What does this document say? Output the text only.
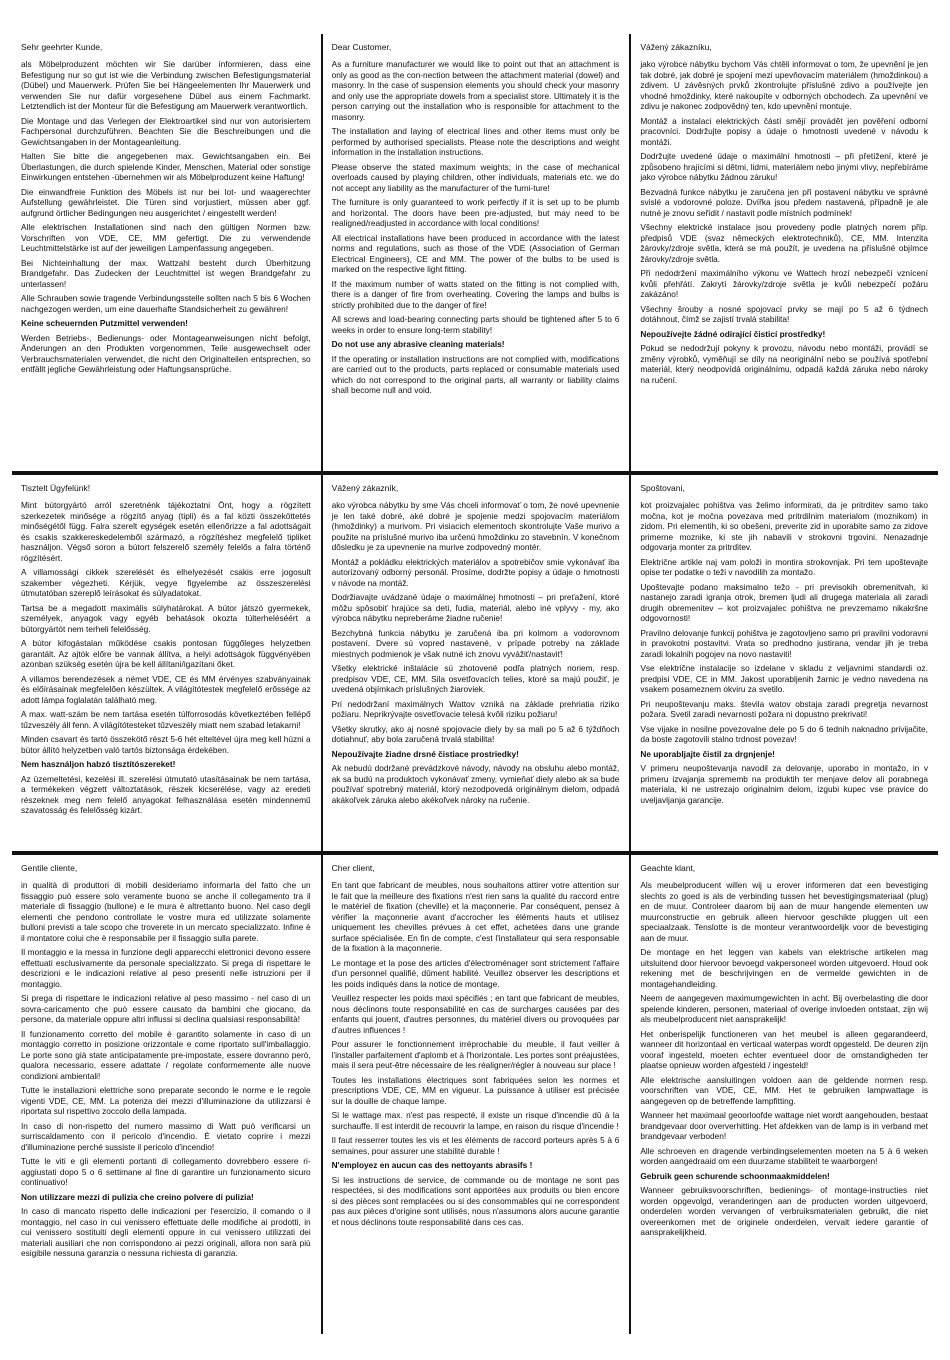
Sehr geehrter Kunde,
als Möbelproduzent möchten wir Sie darüber informieren, dass eine Befestigung nur so gut ist wie die Verbindung zwischen Befestigungsmaterial (Dübel) und Mauerwerk. Prüfen Sie bei Hängeelementen Ihr Mauerwerk und verwenden Sie nur dafür vorgesehene Dübel aus einem Fachmarkt. Letztendlich ist der Monteur für die Befestigung am Mauerwerk verantwortlich.
Die Montage und das Verlegen der Elektroartikel sind nur von autorisiertem Fachpersonal durchzuführen. Beachten Sie die Beschreibungen und die Gewichtsangaben in der Montageanleitung.
Halten Sie bitte die angegebenen max. Gewichtsangaben ein. Bei Überlastungen, die durch spielende Kinder, Menschen, Material oder sonstige Einwirkungen entstehen -übernehmen wir als Möbelproduzent keine Haftung!
Die einwandfreie Funktion des Möbels ist nur bei lot- und waagerechter Aufstellung gewährleistet. Die Türen sind vorjustiert, müssen aber ggf. aufgrund örtlicher Bedingungen neu ausgerichtet / eingestellt werden!
Alle elektrischen Installationen sind nach den gültigen Normen bzw. Vorschriften von VDE, CE, MM gefertigt. Die zu verwendende Leuchtmittelstärke ist auf der jeweiligen Lampenfassung angegeben.
Bei Nichteinhaltung der max. Wattzahl besteht durch Überhitzung Brandgefahr. Das Zudecken der Leuchtmittel ist wegen Brandgefahr zu unterlassen!
Alle Schrauben sowie tragende Verbindungsstelle sollten nach 5 bis 6 Wochen nachgezogen werden, um eine dauerhafte Standsicherheit zu gewähren!
Keine scheuernden Putzmittel verwenden!
Werden Betriebs-, Bedienungs- oder Montageanweisungen nicht befolgt, Änderungen an den Produkten vorgenommen, Teile ausgewechselt oder Verbrauchsmaterialen verwendet, die nicht den Originalteilen entsprechen, so entfällt jegliche Gewährleistung oder Haftungsansprüche.
Dear Customer,
As a furniture manufacturer we would like to point out that an attachment is only as good as the con-nection between the attachment material (dowel) and masonry. In the case of suspension elements you should check your masonry and only use the appropriate dowels from a specialist store. Ultimately it is the person carrying out the installation who is responsible for attachment to the masonry.
The installation and laying of electrical lines and other items must only be performed by authorised specialists. Please note the descriptions and weight information in the installation instructions.
Please observe the stated maximum weights; in the case of mechanical overloads caused by playing children, other individuals, materials etc. we do not accept any liability as the manufacturer of the furni-ture!
The furniture is only guaranteed to work perfectly if it is set up to be plumb and horizontal. The doors have been pre-adjusted, but may need to be realigned/readjusted in accordance with local conditions!
All electrical installations have been produced in accordance with the latest norms and regulations, such as those of the VDE (Association of German Electrical Engineers), CE and MM. The power of the bulbs to be used is marked on the respective light fitting.
If the maximum number of watts stated on the fitting is not complied with, there is a danger of fire from overheating. Covering the lamps and bulbs is strictly prohibited due to the danger of fire!
All screws and load-bearing connecting parts should be tightened after 5 to 6 weeks in order to ensure long-term stability!
Do not use any abrasive cleaning materials!
If the operating or installation instructions are not complied with, modifications are carried out to the products, parts replaced or consumable materials used which do not correspond to the original parts, all warranty or liability claims shall become null and void.
Vážený zákazníku,
jako výrobce nábytku bychom Vás chtěli informovat o tom, že upevnění je jen tak dobré, jak dobré je spojení mezi upevňovacím materiálem (hmoždinkou) a zdivem. U závěsných prvků zkontrolujte příslušné zdivo a používejte jen vhodné hmoždinky, které nakoupíte v odborných obchodech. Za upevnění ve zdivu je nakonec zodpovědný ten, kdo upevnění montuje.
Montáž a instalaci elektrických částí smějí provádět jen pověření odborní pracovníci. Dodržujte popisy a údaje o hmotnosti uvedené v návodu k montáži.
Dodržujte uvedené údaje o maximální hmotnosti – při přetížení, které je způsobeno hrajícími si dětmi, lidmi, materiálem nebo jinými vlivy, nepřebíráme jako výrobce nábytku žádnou záruku!
Bezvadná funkce nábytku je zaručena jen při postavení nábytku ve správné svislé a vodorovné poloze. Dvířka jsou předem nastavená, případně je ale nutné je znovu seřídit / nastavit podle místních podmínek!
Všechny elektrické instalace jsou provedeny podle platných norem příp. předpisů VDE (svaz německých elektrotechniků), CE, MM. Intenzita žárovky/zdroje světla, která se má použít, je uvedena na příslušné objímce žárovky/zdroje světla.
Při nedodržení maximálního výkonu ve Wattech hrozí nebezpečí vznícení kvůli přehřátí. Zakrytí žárovky/zdroje světla je kvůli nebezpečí požáru zakázáno!
Všechny šrouby a nosné spojovací prvky se mají po 5 až 6 týdnech dotáhnout, čímž se zajistí trvalá stabilita!
Nepoužívejte žádné odírající čisticí prostředky!
Pokud se nedodržují pokyny k provozu, návodu nebo montáži, provádí se změny výrobků, vyměňují se díly na neoriginální nebo se používá spotřební materiál, který neodpovídá originálnímu, odpadá každá záruka nebo nároky na ručení.
Tisztelt Ügyfelünk!
Mint bútorgyártó arról szeretnénk tájékoztatni Önt, hogy a rögzített szerkezetek minősége a rögzítő anyag (tipli) és a fal közti összeköttetés minőségétől függ. Falra szerelt egységek esetén ellenőrizze a fal adottságait és csakis szakkereskedelemből származó, a rögzítéshez megfelelő tipliket használjon. Végső soron a bútort felszerelő személy felelős a falra történő rögzítésért.
A villamossági cikkek szerelését és elhelyezését csakis erre jogosult szakember végezheti. Kérjük, vegye figyelembe az összeszerelési útmutatóban szereplő leírásokat és súlyadatokat.
Tartsa be a megadott maximális súlyhatárokat. A bútor játszó gyermekek, személyek, anyagok vagy egyéb behatások okozta túlterheléséért a bútorgyártót nem terheli felelősség.
A bútor kifogástalan működése csakis pontosan függőleges helyzetben garantált. Az ajtók előre be vannak állítva, a helyi adottságok függvényében azonban szükség esetén újra be kell állítani/igazítani őket.
A villamos berendezések a német VDE, CE és MM érvényes szabványainak és előírásainak megfelelően készültek. A világítótestek megfelelő erőssége az adott lámpa foglalatán található meg.
A max. watt-szám be nem tartása esetén túlforrosodás következtében fellépő tűzveszély áll fenn. A világítótesteket tűzveszély miatt nem szabad letakarni!
Minden csavart és tartó összekötő részt 5-6 hét elteltével újra meg kell húzni a bútor állító helyzetben való tartós biztonsága érdekében.
Nem használjon habzó tisztítószereket!
Az üzemeltetési, kezelési ill. szerelési útmutató utasításainak be nem tartása, a termékeken végzett változtatások, részek kicserélése, vagy az eredeti részeknek meg nem felelő anyagokat felhasználása esetén mindennemű szavatosság és felelősség kizárt.
Vážený zákazník,
ako výrobca nábytku by sme Vás chceli informovať o tom, že nové upevnenie je len také dobré, aké dobré je spojenie medzi spojovacím materiálom (hmoždinky) a murivom. Pri visiacich elementoch skontrolujte Vaše murivo a použite na príslušné murivo iba určenú hmoždinku zo stavebnín. V konečnom dôsledku je za upevnenie na murive zodpovedný montér.
Montáž a pokládku elektrických materiálov a spotrebičov smie vykonávať iba autorizovaný odborný personál. Prosíme, dodržte popisy a údaje o hmotnosti v návode na montáž.
Dodržiavajte uvádzané údaje o maximálnej hmotnosti – pri preťažení, ktoré môžu spôsobiť hrajúce sa deti, ľudia, materiál, alebo iné vplyvy - my, ako výrobca nábytku nepreberáme žiadne ručenie!
Bezchybná funkcia nábytku je zaručená iba pri kolmom a vodorovnom postavení. Dvere sú vopred nastavené, v prípade potreby na základe miestnych podmienok je však nutné ich znovu vyvážiť/nastaviť!
Všetky elektrické inštalácie sú zhotovené podľa platných noriem, resp. predpisov VDE, CE, MM. Sila osvetľovacích telies, ktoré sa majú použiť, je uvedená objímkach príslušných žiaroviek.
Pri nedodržaní maximálnych Wattov vzniká na základe prehriatia riziko požiaru. Neprikrývajte osvetľovacie telesá kvôli riziku požiaru!
Všetky skrutky, ako aj nosné spojovacie diely by sa mali po 5 až 6 týždňoch dotiahnuť, aby bola zaručená trvalá stabilita!
Nepoužívajte žiadne drsné čistiace prostriedky!
Ak nebudú dodržané prevádzkové návody, návody na obsluhu alebo montáž, ak sa budú na produktoch vykonávať zmeny, vymieňať diely alebo ak sa bude používať spotrebný materiál, ktorý nezodpovedá originálnym dielom, odpadá akákoľvek záruka alebo akékoľvek nároky na ručenie.
Spoštovani,
kot proizvajalec pohištva vas želimo informirati, da je pritrditev samo tako močna, kot je močna povezava med pritrdilnim materialom (moznikom) in zidom. Pri elementih, ki so obešeni, preverite zid in uporabite samo za zidove primerne moznike, ki ste jih nabavili v strokovni trgovini. Nenazadnje odgovarja monter za pritrditev.
Električne artikle naj vam položi in montira strokovnjak. Pri tem upoštevajte opise ter podatke o teži v navodilih za montažo.
Upoštevajte podano maksimalno težo - pri previsokih obremenitvah, ki nastanejo zaradi igranja otrok, bremen ljudi ali drugega materiala ali zaradi drugih obremenitev – kot proizvajalec pohištva ne prevzemamo nikakršne odgovornosti!
Pravilno delovanje funkcij pohištva je zagotovljeno samo pri pravilni vodoravni in pravokotni postavitvi. Vrata so predhodno justirana, vendar jih je treba zaradi lokalnih pogojev na novo nastaviti!
Vse električne instalacije so izdelane v skladu z veljavnimi standardi oz. predpisi VDE, CE in MM. Jakost uporabljenih žarnic je vedno navedena na vsakem posameznem okviru za svetilo.
Pri neupoštevanju maks. števila watov obstaja zaradi pregretja nevarnost požara. Svetil zaradi nevarnosti požara ni dopustno prekrivati!
Vse vijake in nosilne povezovalne dele po 5 do 6 tednih naknadno privijačite, da boste zagotovili stalno trdnost povezav!
Ne uporabljajte čistil za drgnjenje!
V primeru neupoštevanja navodil za delovanje, uporabo in montažo, in v primeru izvajanja sprememb na produktih ter menjave delov ali porabnega materiala, ki ne ustrezajo originalnim delom, izgubi kupec vse pravice do uveljavljanja garancije.
Gentile cliente,
in qualità di produttori di mobili desideriamo informarla del fatto che un fissaggio può essere solo veramente buono se anche il collegamento tra il materiale di fissaggio (bullone) e le mura è altrettanto buono. Nel caso degli elementi che pendono controllate le vostre mura ed utilizzate solamente bulloni previsti a tale scopo che troverete in un mercato specializzato. Infine è il montatore colui che è responsabile per il fissaggio sulla parete.
Il montaggio e la messa in funzione degli apparecchi elettronici devono essere effettuati esclusivamente da personale specializzato. Si prega di rispettare le descrizioni e le indicazioni relative al peso presenti nelle istruzioni per il montaggio.
Si prega di rispettare le indicazioni relative al peso massimo - nel caso di un sovra-caricamento che può essere causato da bambini che giocano, da persone, da materiale oppure altri influssi si declina qualsiasi responsabilità!
Il funzionamento corretto del mobile è garantito solamente in caso di un montaggio corretto in posizione orizzontale e come riportato sull'imballaggio. Le porte sono già state anticipatamente pre-impostate, essere dovranno però, qualora necessario, essere adattate / regolate conformemente alle nuove condizioni ambientali!
Tutte le installazioni elettriche sono preparate secondo le norme e le regole vigenti VDE, CE, MM. La potenza dei mezzi d'illuminazione da utilizzarsi è riportata sul rispettivo zoccolo della lampada.
In caso di non-rispetto del numero massimo di Watt può verificarsi un surriscaldamento con il pericolo d'incendio. È vietato coprire i mezzi d'illuminazione perché sussiste il pericolo d'incendio!
Tutte le viti e gli elementi portanti di collegamento dovrebbero essere ri-aggiustati dopo 5 o 6 settimane al fine di garantire un funzionamento sicuro continuativo!
Non utilizzare mezzi di pulizia che creino polvere di pulizia!
In caso di mancato rispetto delle indicazioni per l'esercizio, il comando o il montaggio, nel caso in cui venissero effettuate delle modifiche ai prodotti, in cui venissero sostituiti degli elementi oppure in cui venissero utilizzati dei materiali ausiliari che non corrispondono ai pezzi originali, allora non sarà più esigibile nessuna garanzia o nessuna richiesta di garanzia.
Cher client,
En tant que fabricant de meubles, nous souhaitons attirer votre attention sur le fait que la meilleure des fixations n'est rien sans la qualité du raccord entre le matériel de fixation (cheville) et la maçonnerie. Par conséquent, pensez à vérifier la maçonnerie avant d'accrocher les éléments hauts et utilisez uniquement les chevilles prévues à cet effet, achetées dans une grande surface spécialisée. En fin de compte, c'est l'installateur qui sera responsable de la fixation à la maçonnerie.
Le montage et la pose des articles d'électroménager sont strictement l'affaire d'un personnel qualifié, dûment habilité. Veuillez observer les descriptions et les poids indiqués dans la notice de montage.
Veuillez respecter les poids maxi spécifiés ; en tant que fabricant de meubles, nous déclinons toute responsabilité en cas de surcharges causées par des enfants qui jouent, d'autres personnes, du matériel divers ou provoquées par d'autres influences !
Pour assurer le fonctionnement irréprochable du meuble, il faut veiller à l'installer parfaitement d'aplomb et à l'horizontale. Les portes sont préajustées, mais il sera peut-être nécessaire de les réaligner/régler à nouveau sur place !
Toutes les installations électriques sont fabriquées selon les normes et prescriptions VDE, CE, MM en vigueur. La puissance à utiliser est précisée sur la douille de chaque lampe.
Si le wattage max. n'est pas respecté, il existe un risque d'incendie dû à la surchauffe. Il est interdit de recouvrir la lampe, en raison du risque d'incendie !
Il faut resserrer toutes les vis et les éléments de raccord porteurs après 5 à 6 semaines, pour assurer une stabilité durable !
N'employez en aucun cas des nettoyants abrasifs !
Si les instructions de service, de commande ou de montage ne sont pas respectées, si des modifications sont apportées aux produits ou bien encore si des pièces sont remplacées ou si des consommables qui ne correspondent pas aux pièces d'origine sont utilisés, nous n'assumons alors aucune garantie et nous déclinons toute responsabilité dans ces cas.
Geachte klant,
Als meubelproducent willen wij u erover informeren dat een bevestiging slechts zo goed is als de verbinding tussen het bevestigingsmateriaal (plug) en de muur. Controleer daarom bij aan de muur hangende elementen uw muurconstructie en gebruik alleen hiervoor geschikte pluggen uit een speciaalzaak. Tenslotte is de monteur verantwoordelijk voor de bevestiging aan de muur.
De montage en het leggen van kabels van elektrische artikelen mag uitsluitend door hiervoor bevoegd vakpersoneel worden uitgevoerd. Houd ook rekening met de beschrijvingen en de vermelde gewichten in de montagehandleiding.
Neem de aangegeven maximumgewichten in acht. Bij overbelasting die door spelende kinderen, personen, materiaal of overige invloeden ontstaat, zijn wij als meubelproducent niet aansprakelijk!
Het onberispelijk functioneren van het meubel is alleen gegarandeerd, wanneer dit horizontaal en verticaal waterpas wordt opgesteld. De deuren zijn vooraf ingesteld, moeten echter eventueel door de omstandigheden ter plaatse opnieuw worden afgesteld / ingesteld!
Alle elektrische aansluitingen voldoen aan de geldende normen resp. voorschriften van VDE, CE, MM. Het te gebruiken lampwattage is aangegeven op de betreffende lampfitting.
Wanneer het maximaal geoorloofde wattage niet wordt aangehouden, bestaat brandgevaar door oververhitting. Het afdekken van de lamp is in verband met brandgevaar verboden!
Alle schroeven en dragende verbindingselementen moeten na 5 à 6 weken worden aangedraaid om een duurzame stabiliteit te waarborgen!
Gebruik geen schurende schoonmaakmiddelen!
Wanneer gebruiksvoorschriften, bedienings- of montage-instructies niet worden opgevolgd, veranderingen aan de producten worden uitgevoerd, onderdelen worden vervangen of verbruiksmaterialen gebruikt, die niet overeenkomen met de originele onderdelen, vervalt iedere garantie of aansprakelijkheid.
